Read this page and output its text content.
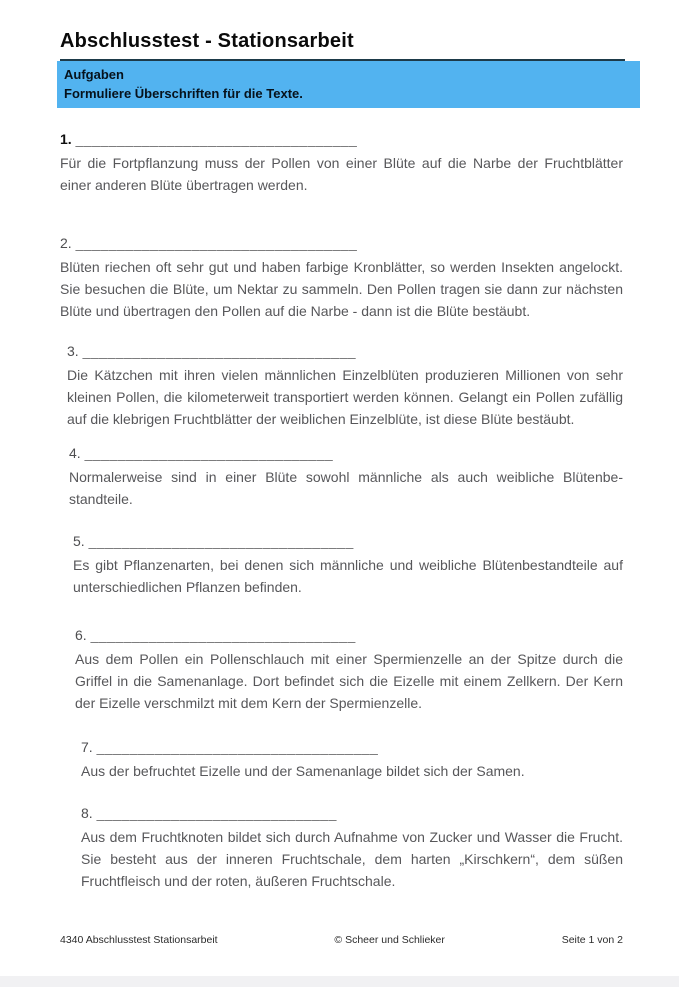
Abschlusstest - Stationsarbeit
Aufgaben
Formuliere Überschriften für die Texte.
1. __________________________________

Für die Fortpflanzung muss der Pollen von einer Blüte auf die Narbe der Fruchtblätter einer anderen Blüte übertragen werden.

2. __________________________________

Blüten riechen oft sehr gut und haben farbige Kronblätter, so werden Insekten angelockt. Sie besuchen die Blüte, um Nektar zu sammeln. Den Pollen tragen sie dann zur nächsten Blüte und übertragen den Pollen auf die Narbe - dann ist die Blüte bestäubt.

3. _________________________________

Die Kätzchen mit ihren vielen männlichen Einzelblüten produzieren Millionen von sehr kleinen Pollen, die kilometerweit transportiert werden können. Gelangt ein Pollen zufällig auf die klebrigen Fruchtblätter der weiblichen Einzelblüte, ist diese Blüte bestäubt.

4. ______________________________

Normalerweise sind in einer Blüte sowohl männliche als auch weibliche Blütenbestandteile.

5. ________________________________

Es gibt Pflanzenarten, bei denen sich männliche und weibliche Blütenbestandteile auf unterschiedlichen Pflanzen befinden.

6. ________________________________

Aus dem Pollen ein Pollenschlauch mit einer Spermienzelle an der Spitze durch die Griffel in die Samenanlage. Dort befindet sich die Eizelle mit einem Zellkern. Der Kern der Eizelle verschmilzt mit dem Kern der Spermienzelle.

7. __________________________________

Aus der befruchtet Eizelle und der Samenanlage bildet sich der Samen.

8. _____________________________

Aus dem Fruchtknoten bildet sich durch Aufnahme von Zucker und Wasser die Frucht. Sie besteht aus der inneren Fruchtschale, dem harten „Kirschkern“, dem süßen Fruchtfleisch und der roten, äußeren Fruchtschale.

4340 Abschlusstest Stationsarbeit	© Scheer und Schlieker	Seite 1 von 2
